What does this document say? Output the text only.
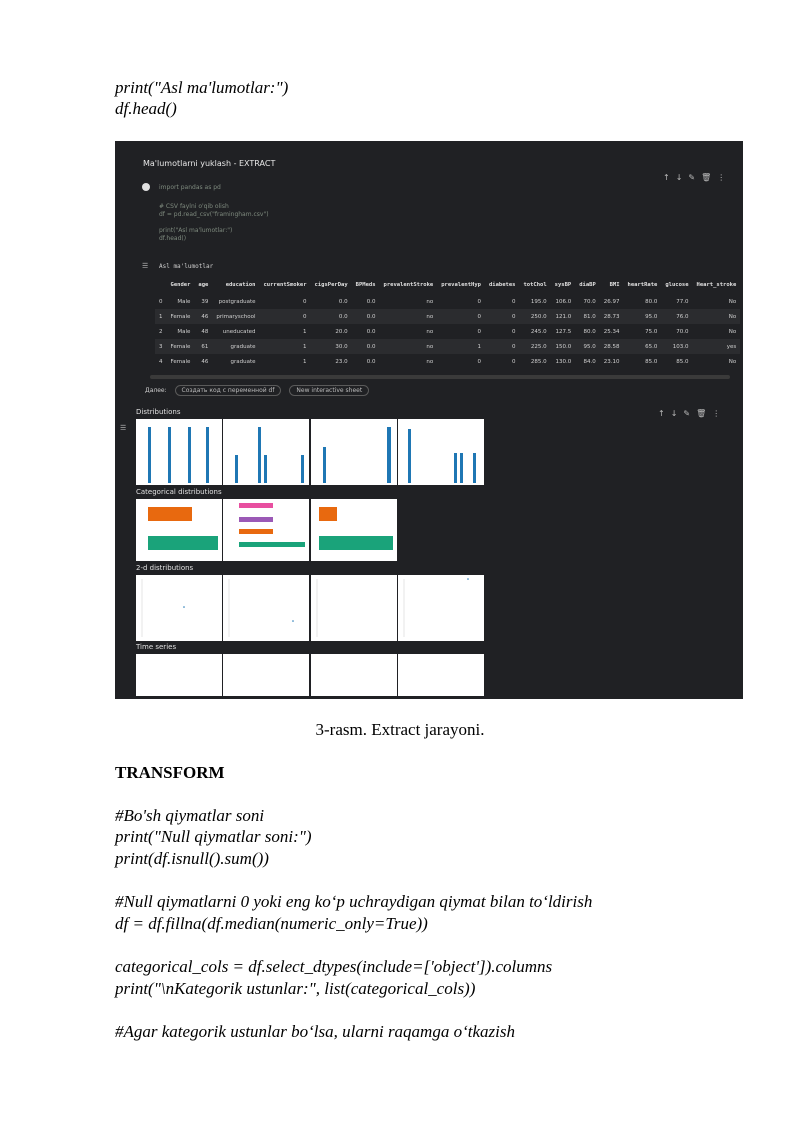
print("Asl ma'lumotlar:")
df.head()
Ma'lumotlarni yuklash - EXTRACT
↑↓✎🗑⋮
import pandas as pd
# CSV faylni o'qib olish
df = pd.read_csv("framingham.csv")
print("Asl ma'lumotlar:")
df.head()
☰ Asl ma'lumotlar
	Gender	age	education	currentSmoker	cigsPerDay	BPMeds	prevalentStroke	prevalentHyp	diabetes	totChol	sysBP	diaBP	BMI	heartRate	glucose	Heart_stroke
0	Male	39	postgraduate	0	0.0	0.0	no	0	0	195.0	106.0	70.0	26.97	80.0	77.0	No
1	Female	46	primaryschool	0	0.0	0.0	no	0	0	250.0	121.0	81.0	28.73	95.0	76.0	No
2	Male	48	uneducated	1	20.0	0.0	no	0	0	245.0	127.5	80.0	25.34	75.0	70.0	No
3	Female	61	graduate	1	30.0	0.0	no	1	0	225.0	150.0	95.0	28.58	65.0	103.0	yes
4	Female	46	graduate	1	23.0	0.0	no	0	0	285.0	130.0	84.0	23.10	85.0	85.0	No
Далее: Создать код с переменной df	New interactive sheet
↑↓✎🗑⋮
☰
Distributions
Categorical distributions
2-d distributions
Time series
3-rasm. Extract jarayoni.
TRANSFORM
#Bo'sh qiymatlar soni
print("Null qiymatlar soni:")
print(df.isnull().sum())
#Null qiymatlarni 0 yoki eng ko‘p uchraydigan qiymat bilan to‘ldirish
df = df.fillna(df.median(numeric_only=True))
categorical_cols = df.select_dtypes(include=['object']).columns
print("\nKategorik ustunlar:", list(categorical_cols))
#Agar kategorik ustunlar bo‘lsa, ularni raqamga o‘tkazish
